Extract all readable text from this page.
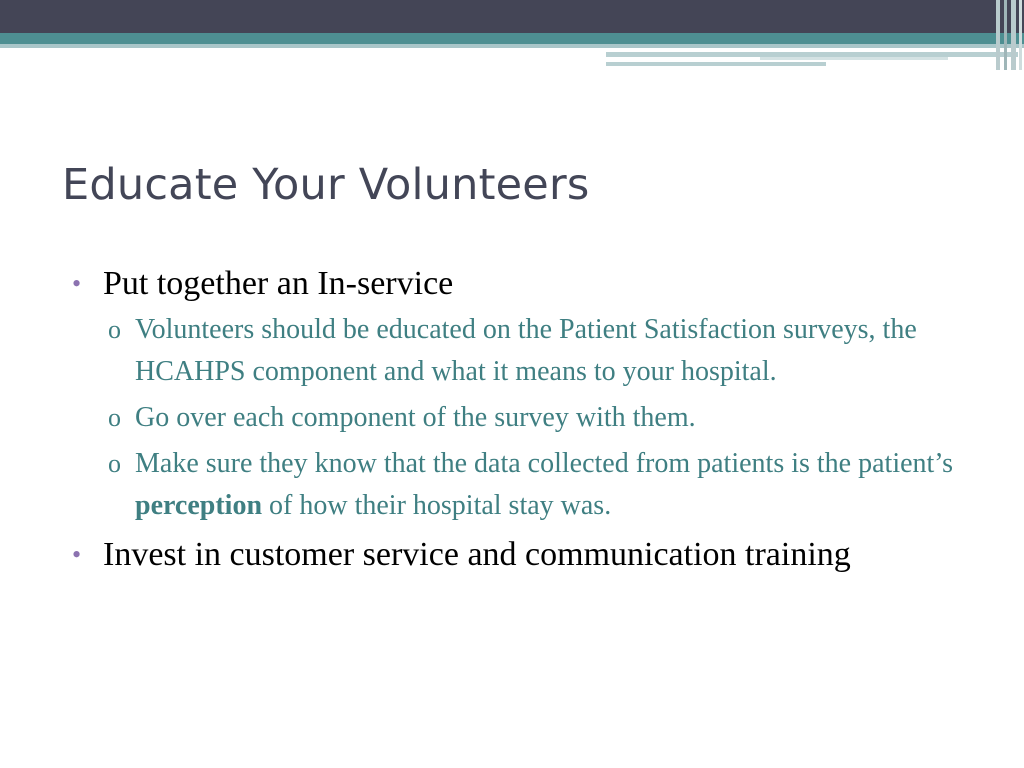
Educate Your Volunteers
• Put together an In-service
o Volunteers should be educated on the Patient Satisfaction surveys, the HCAHPS component and what it means to your hospital.
o Go over each component of the survey with them.
o Make sure they know that the data collected from patients is the patient’s perception of how their hospital stay was.
• Invest in customer service and communication training
